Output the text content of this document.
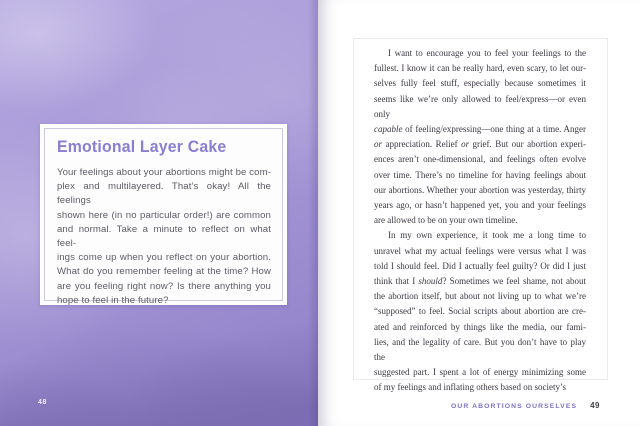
Emotional Layer Cake
Your feelings about your abortions might be com-
plex and multilayered. That’s okay! All the feelings
shown here (in no particular order!) are common
and normal. Take a minute to reflect on what feel-
ings come up when you reflect on your abortion.
What do you remember feeling at the time? How
are you feeling right now? Is there anything you
hope to feel in the future?
48
I want to encourage you to feel your feelings to the
fullest. I know it can be really hard, even scary, to let our-
selves fully feel stuff, especially because sometimes it
seems like we’re only allowed to feel/express—or even only
capable of feeling/expressing—one thing at a time. Anger
or appreciation. Relief or grief. But our abortion experi-
ences aren’t one-dimensional, and feelings often evolve
over time. There’s no timeline for having feelings about
our abortions. Whether your abortion was yesterday, thirty
years ago, or hasn’t happened yet, you and your feelings
are allowed to be on your own timeline.
In my own experience, it took me a long time to
unravel what my actual feelings were versus what I was
told I should feel. Did I actually feel guilty? Or did I just
think that I should? Sometimes we feel shame, not about
the abortion itself, but about not living up to what we’re
“supposed” to feel. Social scripts about abortion are cre-
ated and reinforced by things like the media, our fami-
lies, and the legality of care. But you don’t have to play the
suggested part. I spent a lot of energy minimizing some
of my feelings and inflating others based on society’s
OUR ABORTIONS OURSELVES 49
